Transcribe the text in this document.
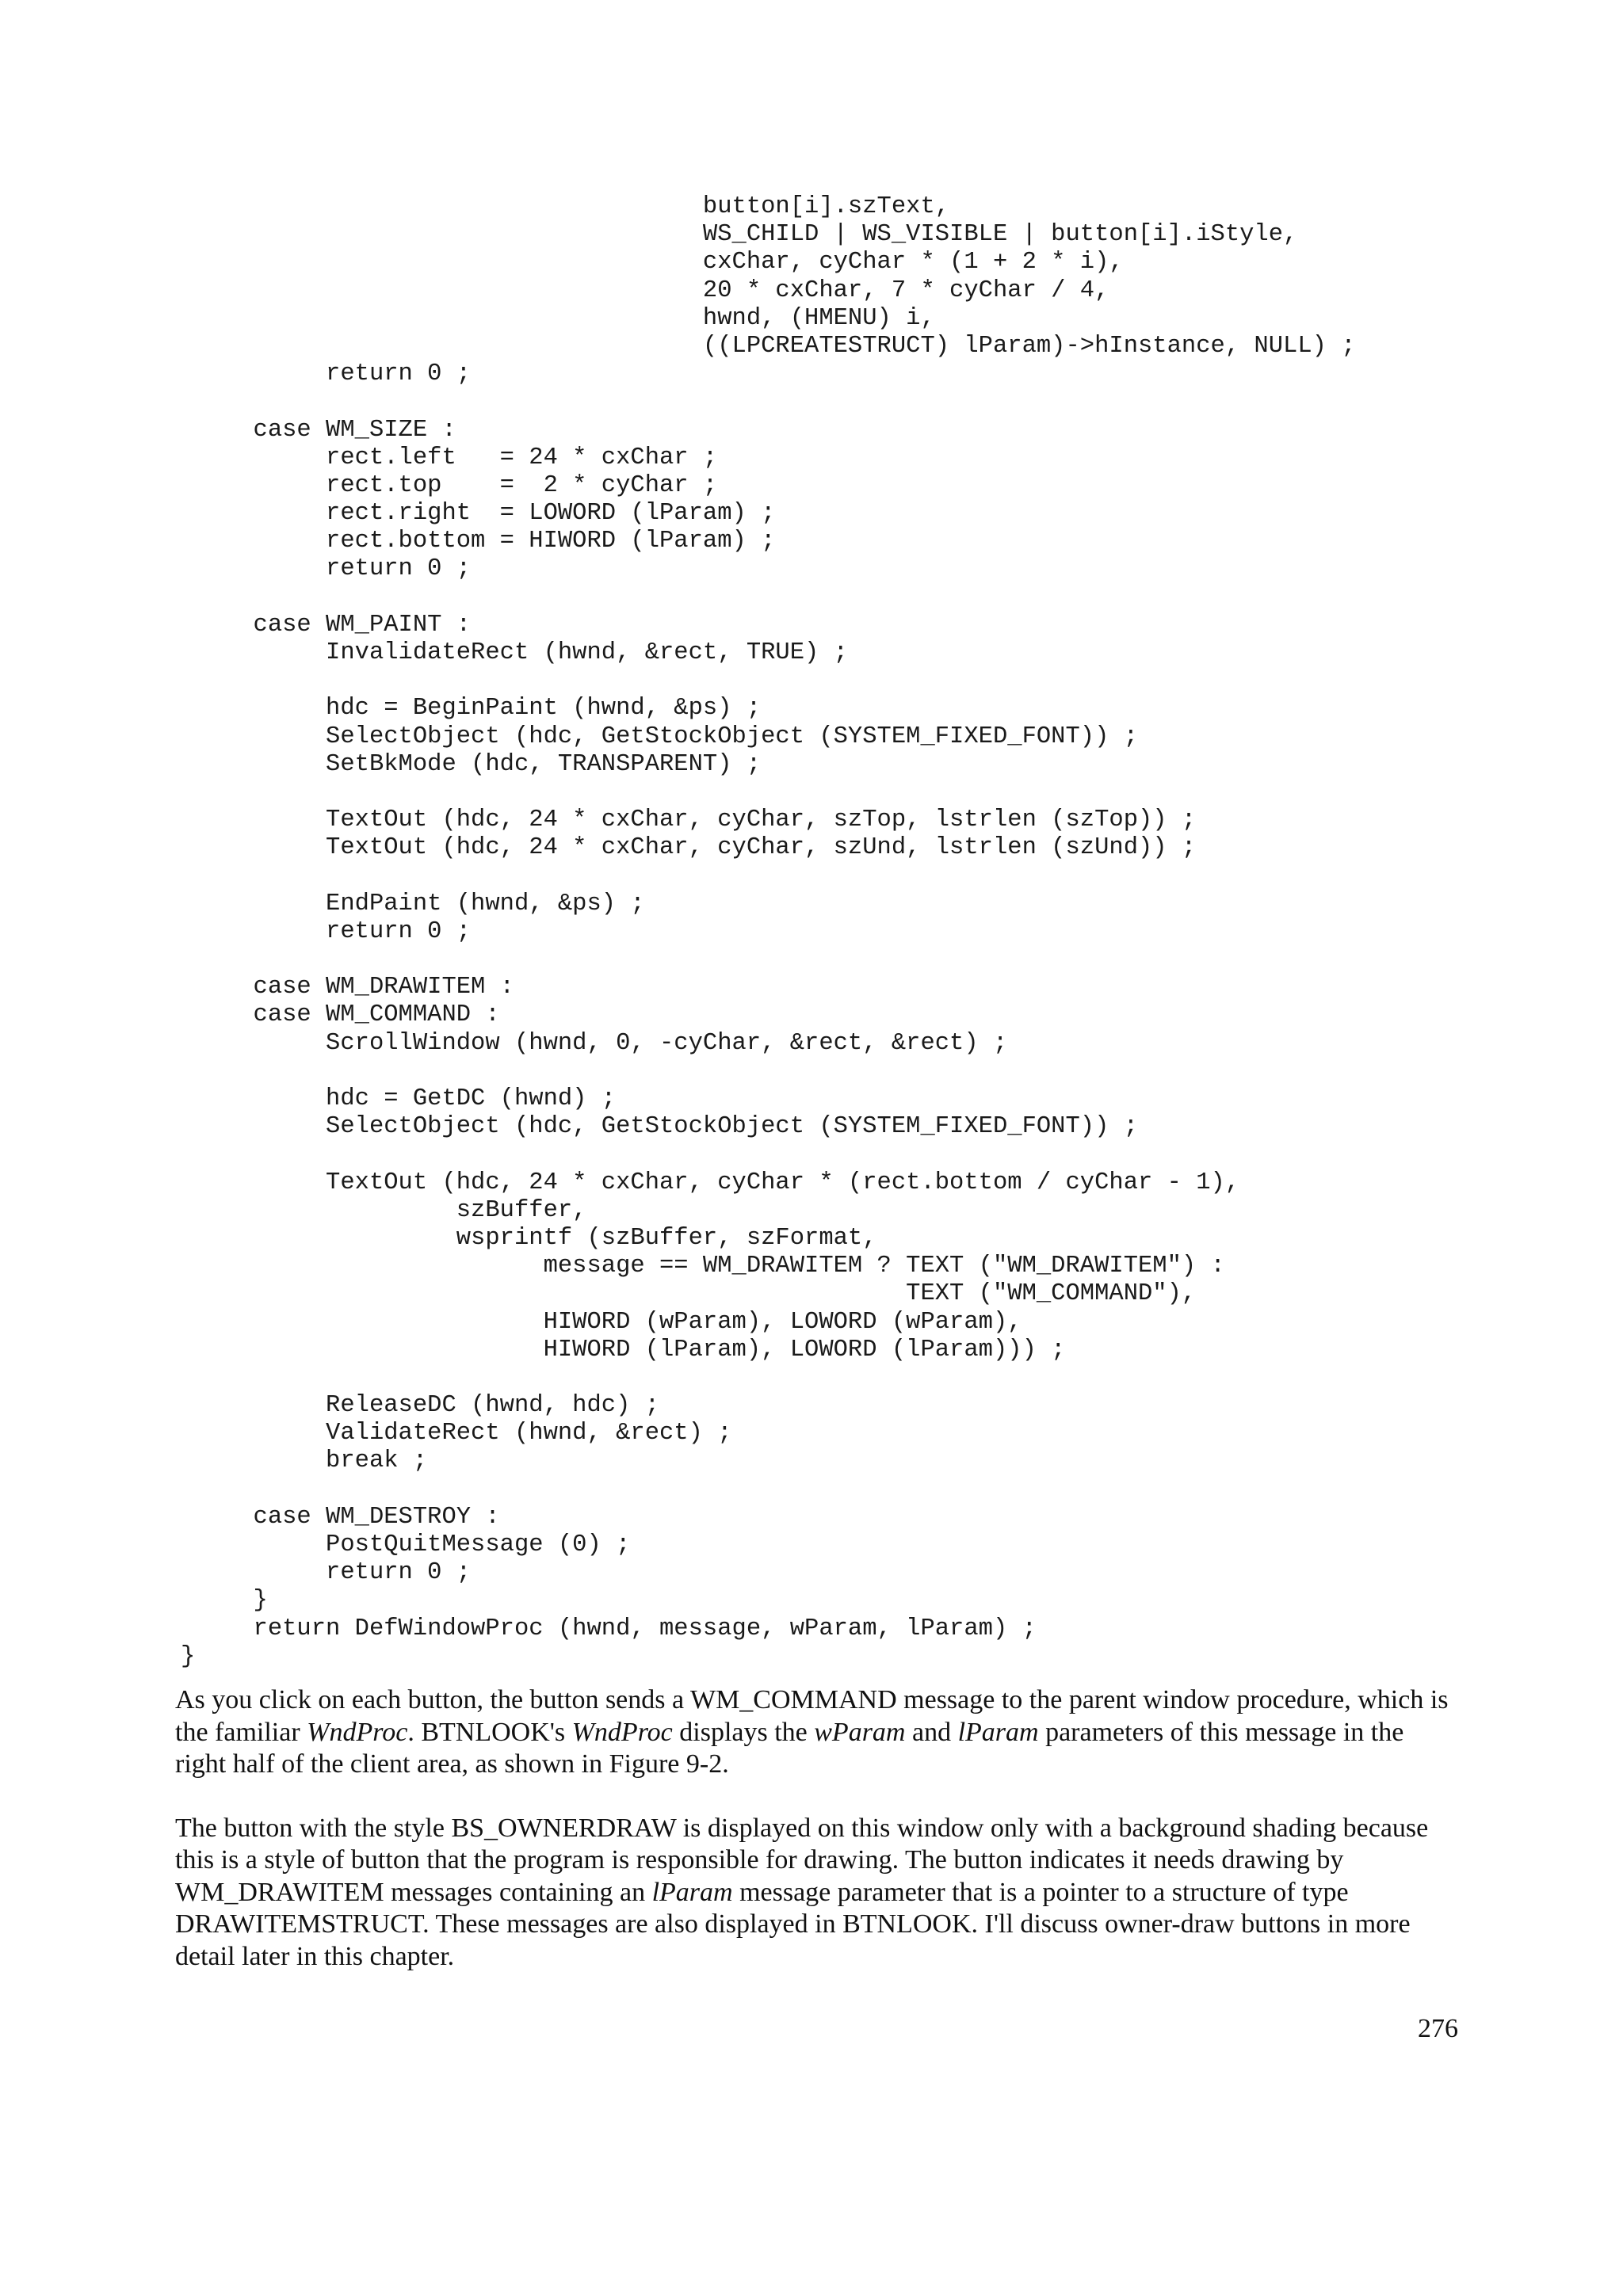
button[i].szText,
WS_CHILD | WS_VISIBLE | button[i].iStyle,
cxChar, cyChar * (1 + 2 * i),
20 * cxChar, 7 * cyChar / 4,
hwnd, (HMENU) i,
((LPCREATESTRUCT) lParam)->hInstance, NULL) ;
return 0 ;
case WM_SIZE :
rect.left   = 24 * cxChar ;
rect.top    =  2 * cyChar ;
rect.right  = LOWORD (lParam) ;
rect.bottom = HIWORD (lParam) ;
return 0 ;
case WM_PAINT :
InvalidateRect (hwnd, &rect, TRUE) ;
hdc = BeginPaint (hwnd, &ps) ;
SelectObject (hdc, GetStockObject (SYSTEM_FIXED_FONT)) ;
SetBkMode (hdc, TRANSPARENT) ;
TextOut (hdc, 24 * cxChar, cyChar, szTop, lstrlen (szTop)) ;
TextOut (hdc, 24 * cxChar, cyChar, szUnd, lstrlen (szUnd)) ;
EndPaint (hwnd, &ps) ;
return 0 ;
case WM_DRAWITEM :
case WM_COMMAND :
ScrollWindow (hwnd, 0, -cyChar, &rect, &rect) ;
hdc = GetDC (hwnd) ;
SelectObject (hdc, GetStockObject (SYSTEM_FIXED_FONT)) ;
TextOut (hdc, 24 * cxChar, cyChar * (rect.bottom / cyChar - 1),
szBuffer,
wsprintf (szBuffer, szFormat,
message == WM_DRAWITEM ? TEXT ("WM_DRAWITEM") :
TEXT ("WM_COMMAND"),
HIWORD (wParam), LOWORD (wParam),
HIWORD (lParam), LOWORD (lParam))) ;
ReleaseDC (hwnd, hdc) ;
ValidateRect (hwnd, &rect) ;
break ;
case WM_DESTROY :
PostQuitMessage (0) ;
return 0 ;
}
return DefWindowProc (hwnd, message, wParam, lParam) ;
}

As you click on each button, the button sends a WM_COMMAND message to the parent window procedure, which is the familiar WndProc. BTNLOOK's WndProc displays the wParam and lParam parameters of this message in the right half of the client area, as shown in Figure 9-2.

The button with the style BS_OWNERDRAW is displayed on this window only with a background shading because this is a style of button that the program is responsible for drawing. The button indicates it needs drawing by WM_DRAWITEM messages containing an lParam message parameter that is a pointer to a structure of type DRAWITEMSTRUCT. These messages are also displayed in BTNLOOK. I'll discuss owner-draw buttons in more detail later in this chapter.

276
